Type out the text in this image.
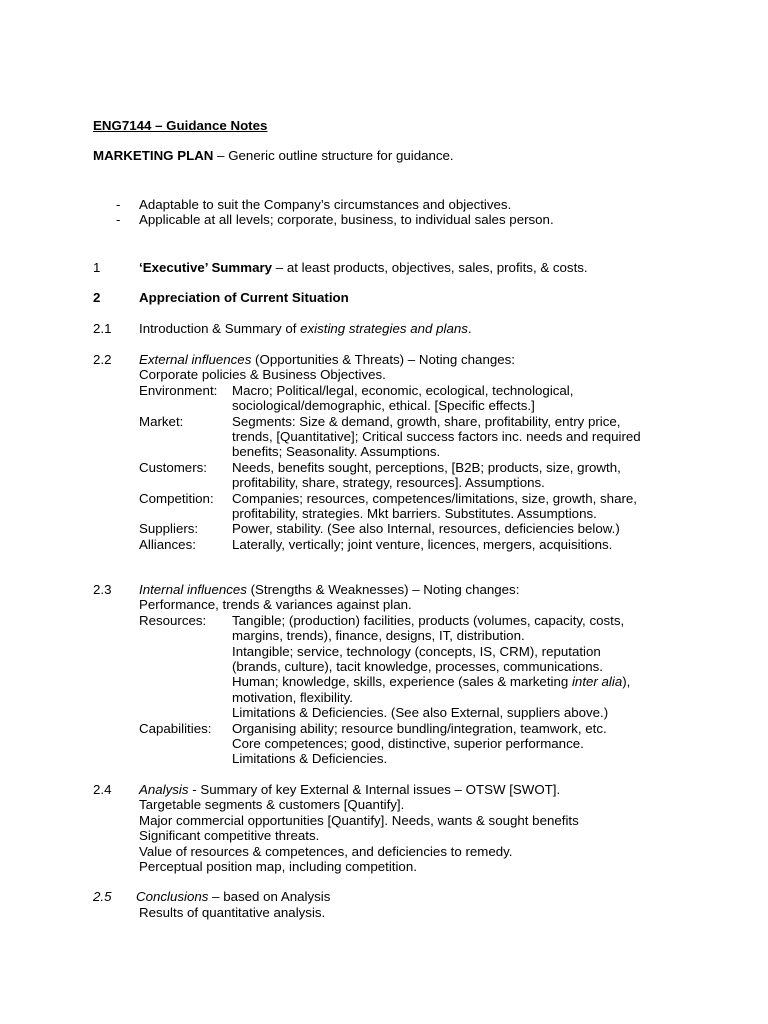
ENG7144 – Guidance Notes
MARKETING PLAN – Generic outline structure for guidance.
-	Adaptable to suit the Company’s circumstances and objectives.
-	Applicable at all levels; corporate, business, to individual sales person.
1	‘Executive’ Summary – at least products, objectives, sales, profits, & costs.
2	Appreciation of Current Situation
2.1 Introduction & Summary of existing strategies and plans.
2.2 External influences (Opportunities & Threats) – Noting changes:
Corporate policies & Business Objectives.
Environment: Macro; Political/legal, economic, ecological, technological,
sociological/demographic, ethical. [Specific effects.]
Market:	Segments: Size & demand, growth, share, profitability, entry price,
trends, [Quantitative]; Critical success factors inc. needs and required
benefits; Seasonality. Assumptions.
Customers: Needs, benefits sought, perceptions, [B2B; products, size, growth,
profitability, share, strategy, resources]. Assumptions.
Competition: Companies; resources, competences/limitations, size, growth, share,
profitability, strategies. Mkt barriers. Substitutes. Assumptions.
Suppliers:	Power, stability. (See also Internal, resources, deficiencies below.)
Alliances:	Laterally, vertically; joint venture, licences, mergers, acquisitions.
2.3 Internal influences (Strengths & Weaknesses) – Noting changes:
Performance, trends & variances against plan.
Resources: Tangible; (production) facilities, products (volumes, capacity, costs,
margins, trends), finance, designs, IT, distribution.
Intangible; service, technology (concepts, IS, CRM), reputation
(brands, culture), tacit knowledge, processes, communications.
Human; knowledge, skills, experience (sales & marketing inter alia),
motivation, flexibility.
Limitations & Deficiencies. (See also External, suppliers above.)
Capabilities: Organising ability; resource bundling/integration, teamwork, etc.
Core competences; good, distinctive, superior performance.
Limitations & Deficiencies.
2.4 Analysis - Summary of key External & Internal issues – OTSW [SWOT].
Targetable segments & customers [Quantify].
Major commercial opportunities [Quantify]. Needs, wants & sought benefits
Significant competitive threats.
Value of resources & competences, and deficiencies to remedy.
Perceptual position map, including competition.
2.5 Conclusions – based on Analysis
Results of quantitative analysis.
